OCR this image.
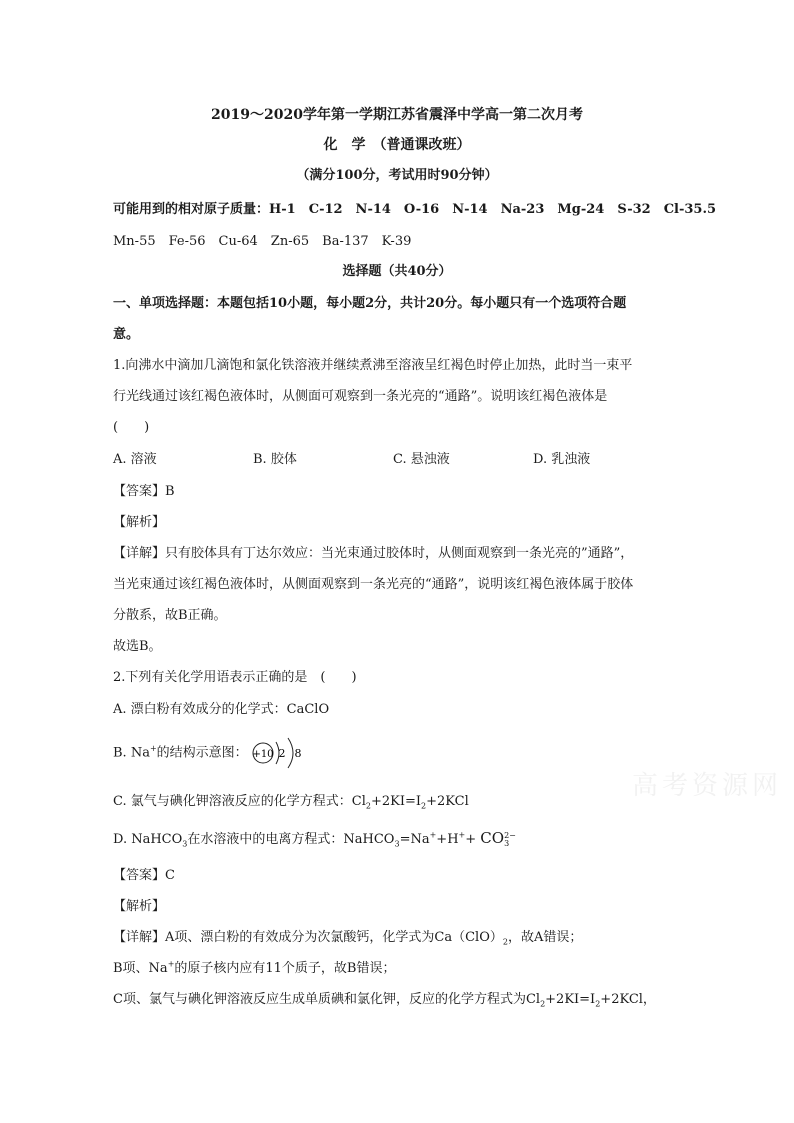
2019～2020学年第一学期江苏省震泽中学高一第二次月考
化　学　（普通课改班）
（满分100分，考试用时90分钟）
可能用到的相对原子质量：H-1　C-12　N-14　O-16　N-14　Na-23　Mg-24　S-32　Cl-35.5
Mn-55　Fe-56　Cu-64　Zn-65　Ba-137　K-39
选择题（共40分）
一、单项选择题：本题包括10小题，每小题2分，共计20分。每小题只有一个选项符合题
意。
1.向沸水中滴加几滴饱和氯化铁溶液并继续煮沸至溶液呈红褐色时停止加热，此时当一束平
行光线通过该红褐色液体时，从侧面可观察到一条光亮的“通路”。说明该红褐色液体是
(　　)
A. 溶液	B. 胶体	C. 悬浊液	D. 乳浊液
【答案】B
【解析】
【详解】只有胶体具有丁达尔效应：当光束通过胶体时，从侧面观察到一条光亮的”通路”，
当光束通过该红褐色液体时，从侧面观察到一条光亮的“通路”，说明该红褐色液体属于胶体
分散系，故B正确。
故选B。
2.下列有关化学用语表示正确的是　(　　)
A. 漂白粉有效成分的化学式：CaClO
B. Na+的结构示意图： +10 2 8
C. 氯气与碘化钾溶液反应的化学方程式：$Cl_2+2KI=I_2+2KCl$
D. NaHCO$_3$在水溶液中的电离方程式：NaHCO$_3$=Na++H++ CO 2−
3
【答案】C
【解析】
【详解】A项、漂白粉的有效成分为次氯酸钙，化学式为$Ca(ClO)_2$，故A错误；
B项、Na+的原子核内应有11个质子，故B错误；
C项、氯气与碘化钾溶液反应生成单质碘和氯化钾，反应的化学方程式为$Cl_2+2KI=I_2+2KCl$，
高考资源网
